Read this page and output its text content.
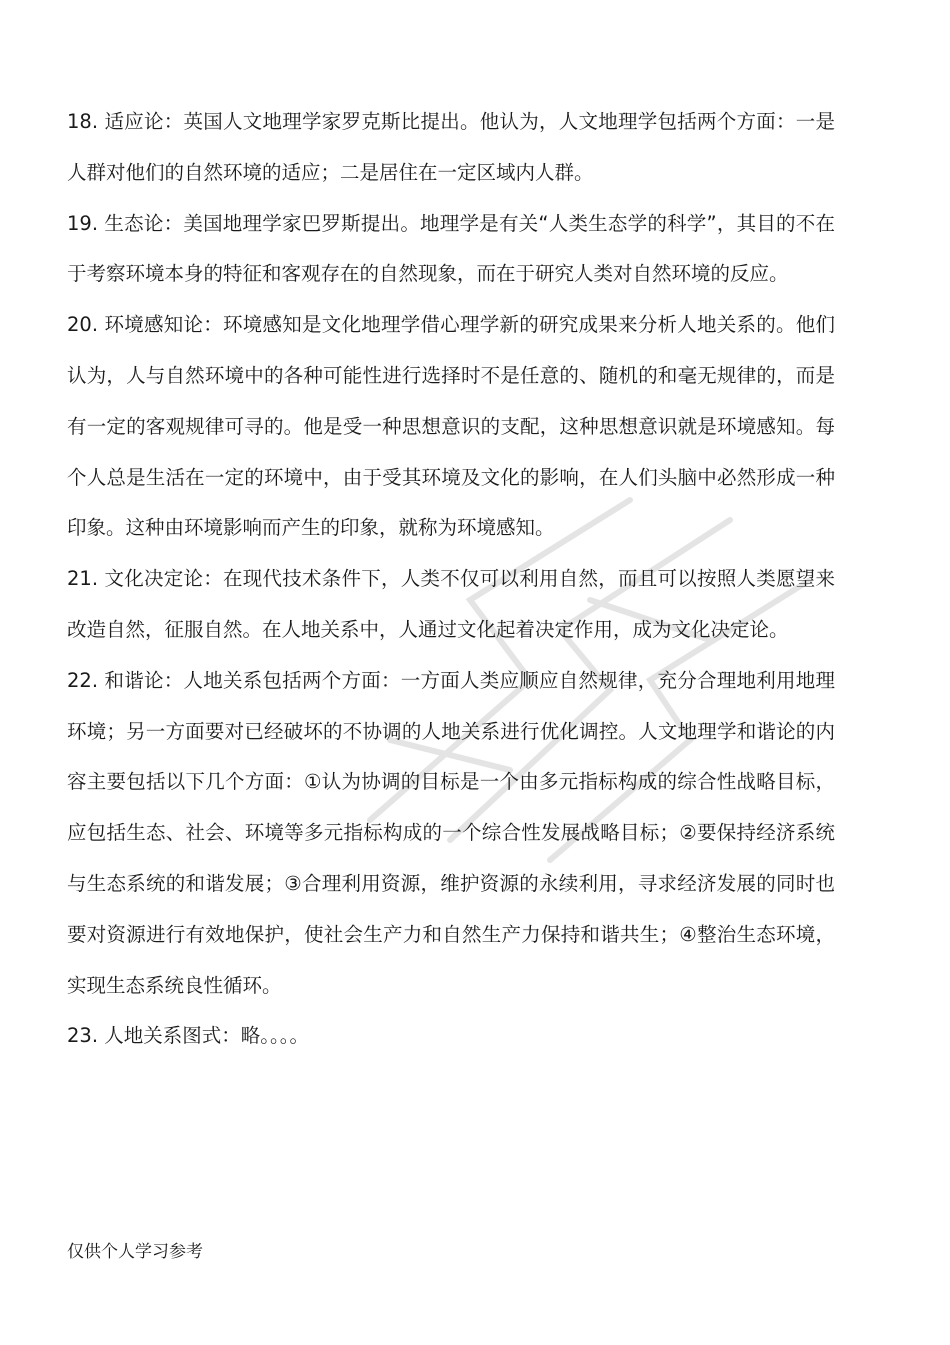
18. 适应论：英国人文地理学家罗克斯比提出。他认为，人文地理学包括两个方面：一是人群对他们的自然环境的适应；二是居住在一定区域内人群。

19. 生态论：美国地理学家巴罗斯提出。地理学是有关“人类生态学的科学”，其目的不在于考察环境本身的特征和客观存在的自然现象，而在于研究人类对自然环境的反应。

20. 环境感知论：环境感知是文化地理学借心理学新的研究成果来分析人地关系的。他们认为，人与自然环境中的各种可能性进行选择时不是任意的、随机的和毫无规律的，而是有一定的客观规律可寻的。他是受一种思想意识的支配，这种思想意识就是环境感知。每个人总是生活在一定的环境中，由于受其环境及文化的影响，在人们头脑中必然形成一种印象。这种由环境影响而产生的印象，就称为环境感知。

21. 文化决定论：在现代技术条件下，人类不仅可以利用自然，而且可以按照人类愿望来改造自然，征服自然。在人地关系中，人通过文化起着决定作用，成为文化决定论。

22. 和谐论：人地关系包括两个方面：一方面人类应顺应自然规律，充分合理地利用地理环境；另一方面要对已经破坏的不协调的人地关系进行优化调控。人文地理学和谐论的内容主要包括以下几个方面：①认为协调的目标是一个由多元指标构成的综合性战略目标，应包括生态、社会、环境等多元指标构成的一个综合性发展战略目标；②要保持经济系统与生态系统的和谐发展；③合理利用资源，维护资源的永续利用，寻求经济发展的同时也要对资源进行有效地保护，使社会生产力和自然生产力保持和谐共生；④整治生态环境，实现生态系统良性循环。

23. 人地关系图式：略。。。。

仅供个人学习参考
